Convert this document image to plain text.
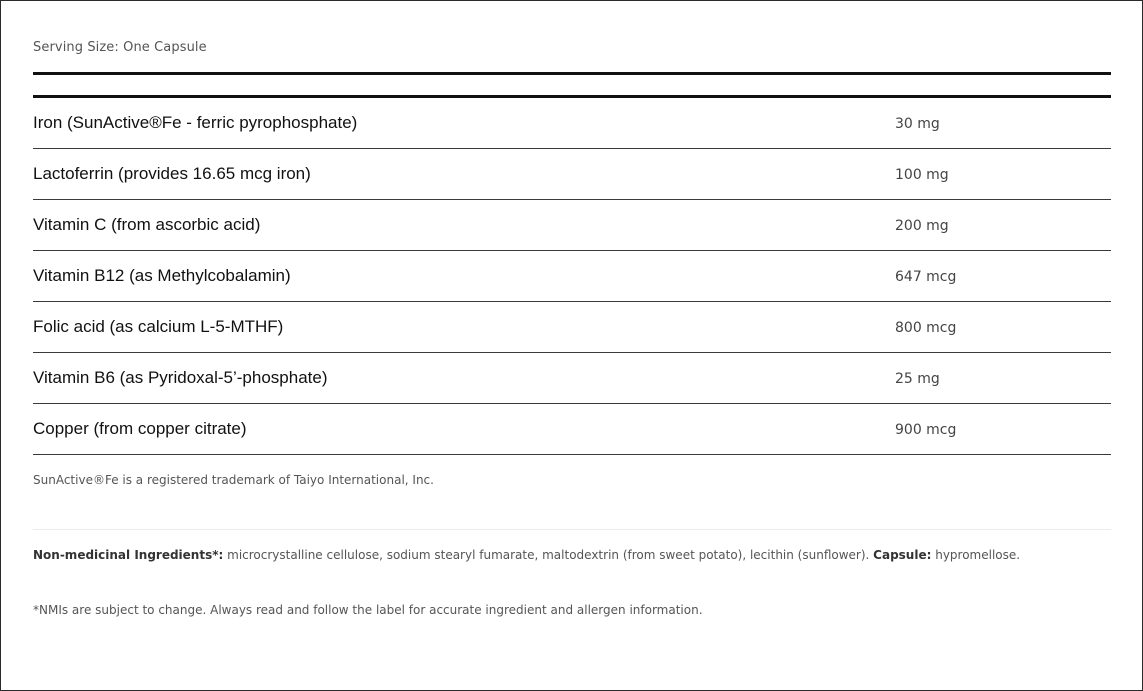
Serving Size: One Capsule
Iron (SunActive®Fe - ferric pyrophosphate)	30 mg
Lactoferrin (provides 16.65 mcg iron)	100 mg
Vitamin C (from ascorbic acid)	200 mg
Vitamin B12 (as Methylcobalamin)	647 mcg
Folic acid (as calcium L-5-MTHF)	800 mcg
Vitamin B6 (as Pyridoxal-5’-phosphate)	25 mg
Copper (from copper citrate)	900 mcg
SunActive®Fe is a registered trademark of Taiyo International, Inc.
Non-medicinal Ingredients*: microcrystalline cellulose, sodium stearyl fumarate, maltodextrin (from sweet potato), lecithin (sunflower). Capsule: hypromellose.
*NMIs are subject to change. Always read and follow the label for accurate ingredient and allergen information.
